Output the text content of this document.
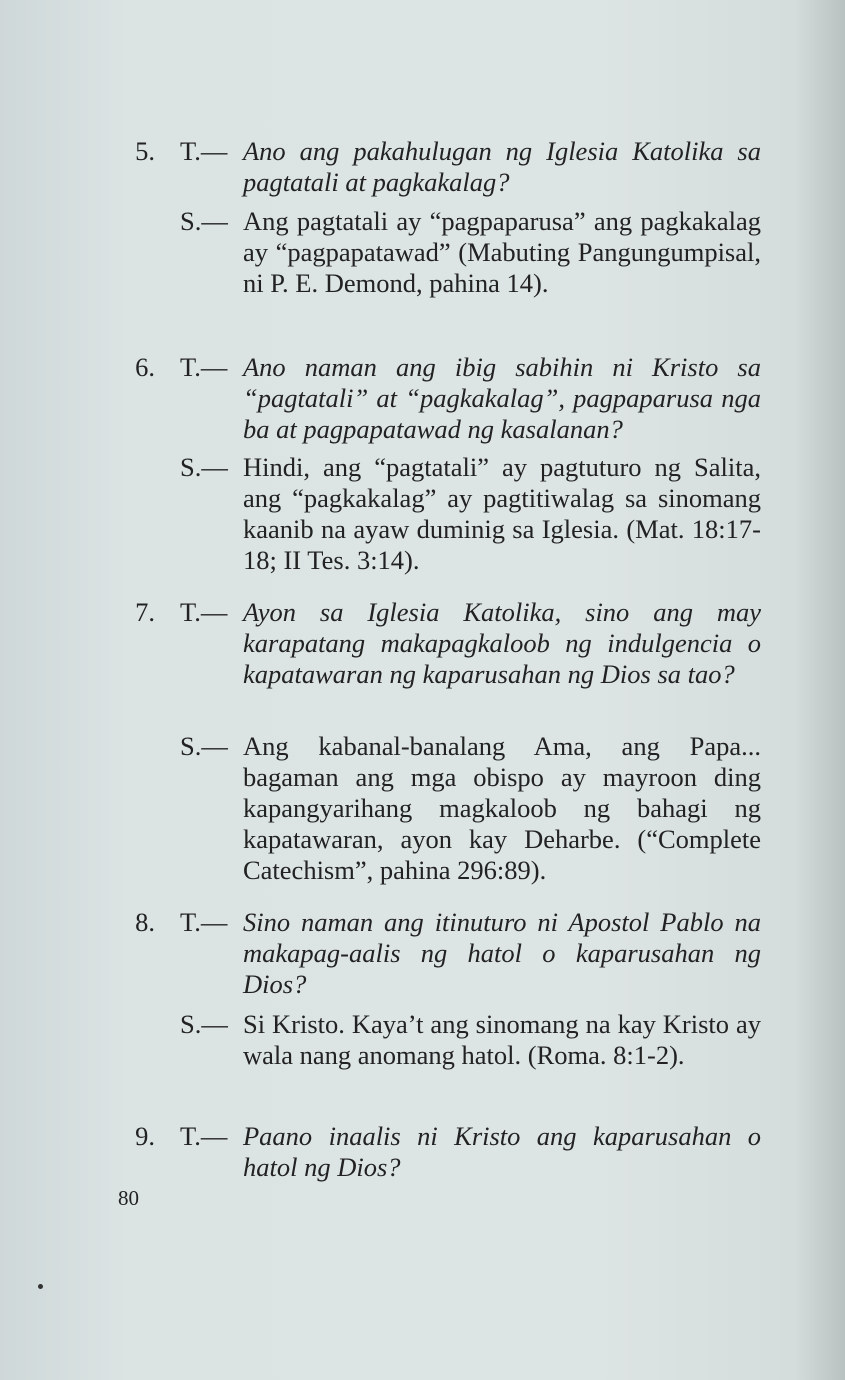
5. T.— Ano ang pakahulugan ng Iglesia Katolika sa pagtatali at pagkakalag?
S.— Ang pagtatali ay “pagpaparusa” ang pagkakalag ay “pagpapatawad” (Mabuting Pangungumpisal, ni P. E. Demond, pahina 14).
6. T.— Ano naman ang ibig sabihin ni Kristo sa “pagtatali” at “pagkakalag”, pagpaparusa nga ba at pagpapatawad ng kasalanan?
S.— Hindi, ang “pagtatali” ay pagtuturo ng Salita, ang “pagkakalag” ay pagtitiwalag sa sinomang kaanib na ayaw duminig sa Iglesia. (Mat. 18:17-18; II Tes. 3:14).
7. T.— Ayon sa Iglesia Katolika, sino ang may karapatang makapagkaloob ng indulgencia o kapatawaran ng kaparusahan ng Dios sa tao?
S.— Ang kabanal-banalang Ama, ang Papa... bagaman ang mga obispo ay mayroon ding kapangyarihang magkaloob ng bahagi ng kapatawaran, ayon kay Deharbe. (“Complete Catechism”, pahina 296:89).
8. T.— Sino naman ang itinuturo ni Apostol Pablo na makapag-aalis ng hatol o kaparusahan ng Dios?
S.— Si Kristo. Kaya’t ang sinomang na kay Kristo ay wala nang anomang hatol. (Roma. 8:1-2).
9. T.— Paano inaalis ni Kristo ang kaparusahan o hatol ng Dios?
80
